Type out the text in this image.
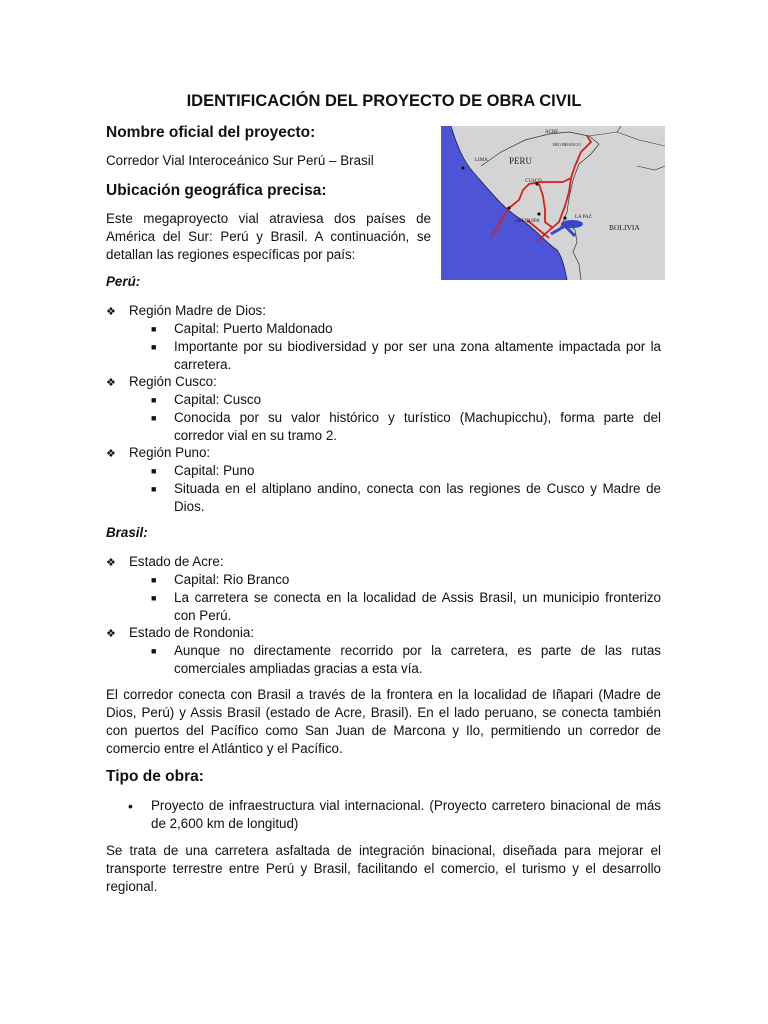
IDENTIFICACIÓN DEL PROYECTO DE OBRA CIVIL
Nombre oficial del proyecto:
Corredor Vial Interoceánico Sur Perú – Brasil
Ubicación geográfica precisa:
Este megaproyecto vial atraviesa dos países de América del Sur: Perú y Brasil. A continuación, se detallan las regiones específicas por país:
ACRE
RIO BRANCO
PERU
LIMA
CUSCO
AREQUIPA
LA PAZ
BOLIVIA
Perú:
❖ Región Madre de Dios:
■	Capital: Puerto Maldonado
■	Importante por su biodiversidad y por ser una zona altamente impactada por la carretera.
❖ Región Cusco:
■	Capital: Cusco
■	Conocida por su valor histórico y turístico (Machupicchu), forma parte del corredor vial en su tramo 2.
❖ Región Puno:
■	Capital: Puno
■	Situada en el altiplano andino, conecta con las regiones de Cusco y Madre de Dios.
Brasil:
❖ Estado de Acre:
■	Capital: Rio Branco
■	La carretera se conecta en la localidad de Assis Brasil, un municipio fronterizo con Perú.
❖ Estado de Rondonia:
■	Aunque no directamente recorrido por la carretera, es parte de las rutas comerciales ampliadas gracias a esta vía.
El corredor conecta con Brasil a través de la frontera en la localidad de Iñapari (Madre de Dios, Perú) y Assis Brasil (estado de Acre, Brasil). En el lado peruano, se conecta también con puertos del Pacífico como San Juan de Marcona y Ilo, permitiendo un corredor de comercio entre el Atlántico y el Pacífico.
Tipo de obra:
•	Proyecto de infraestructura vial internacional. (Proyecto carretero binacional de más de 2,600 km de longitud)
Se trata de una carretera asfaltada de integración binacional, diseñada para mejorar el transporte terrestre entre Perú y Brasil, facilitando el comercio, el turismo y el desarrollo regional.
